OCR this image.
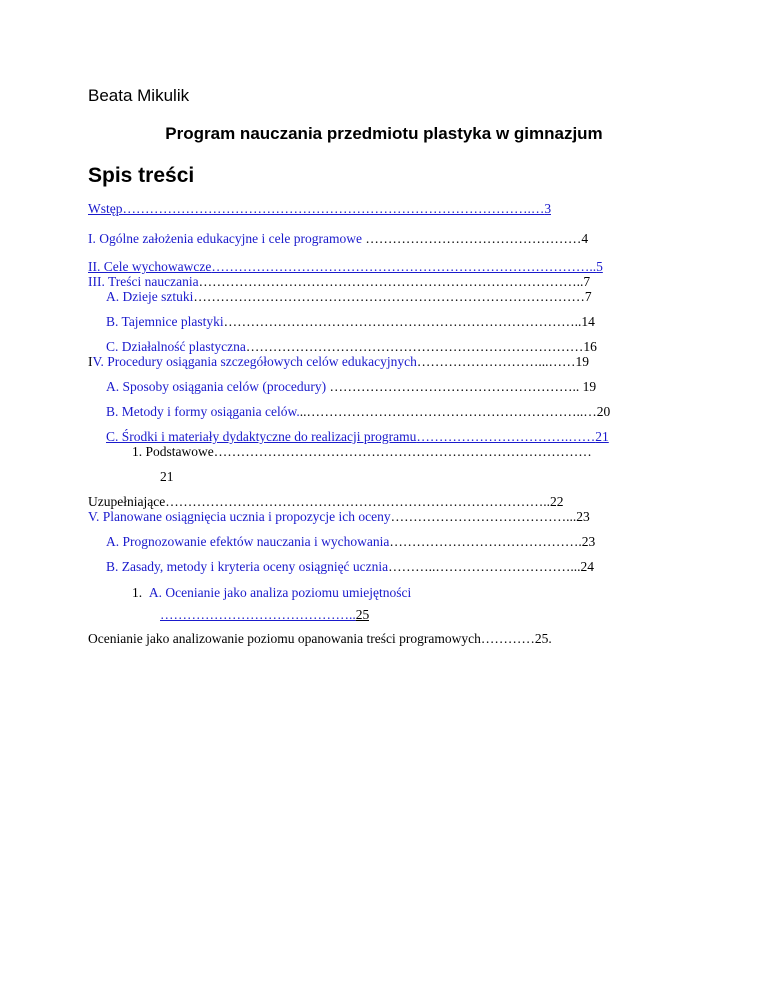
Beata Mikulik
Program nauczania przedmiotu plastyka w gimnazjum
Spis treści
Wstęp……………………………………………………………………………….…3
I. Ogólne założenia edukacyjne i cele programowe …………………………………………4
II. Cele wychowawcze…………………………………………………………………………..5
III. Treści nauczania…………………………………………………………………………..7
A. Dzieje sztuki……………………………………………………………………………7
B. Tajemnice plastyki……………………………………………………………………..14
C. Działalność plastyczna…………………………………………………………………16
IV. Procedury osiągania szczegółowych celów edukacyjnych………………………...……19
A. Sposoby osiągania celów (procedury) ……………………………………………….. 19
B. Metody i formy osiągania celów...……………………………………………………..…20
C. Środki i materiały dydaktyczne do realizacji programu…………………………….……21
1. Podstawowe…………………………………………………………………………
21
Uzupełniające…………………………………………………………………………..22
V. Planowane osiągnięcia ucznia i propozycje ich oceny…………………………………...23
A. Prognozowanie efektów nauczania i wychowania…………………………………….23
B. Zasady, metody i kryteria oceny osiągnięć ucznia………..…………………………...24
1. A. Ocenianie jako analiza poziomu umiejętności
……………………………………..25
Ocenianie jako analizowanie poziomu opanowania treści programowych…………25.
